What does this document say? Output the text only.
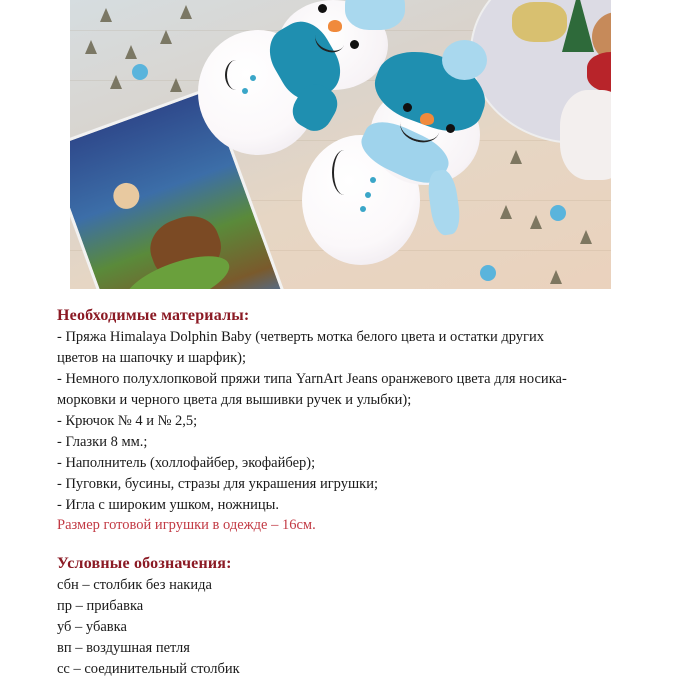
Необходимые материалы:
- Пряжа Himalaya Dolphin Baby (четверть мотка белого цвета и остатки других
цветов на шапочку и шарфик);
- Немного полухлопковой пряжи типа YarnArt Jeans оранжевого цвета для носика-
морковки и черного цвета для вышивки ручек и улыбки);
- Крючок № 4 и № 2,5;
- Глазки 8 мм.;
- Наполнитель (холлофайбер, экофайбер);
- Пуговки, бусины, стразы для украшения игрушки;
- Игла с широким ушком, ножницы.
Размер готовой игрушки в одежде – 16см.
Условные обозначения:
сбн – столбик без накида
пр – прибавка
уб – убавка
вп – воздушная петля
сс – соединительный столбик
